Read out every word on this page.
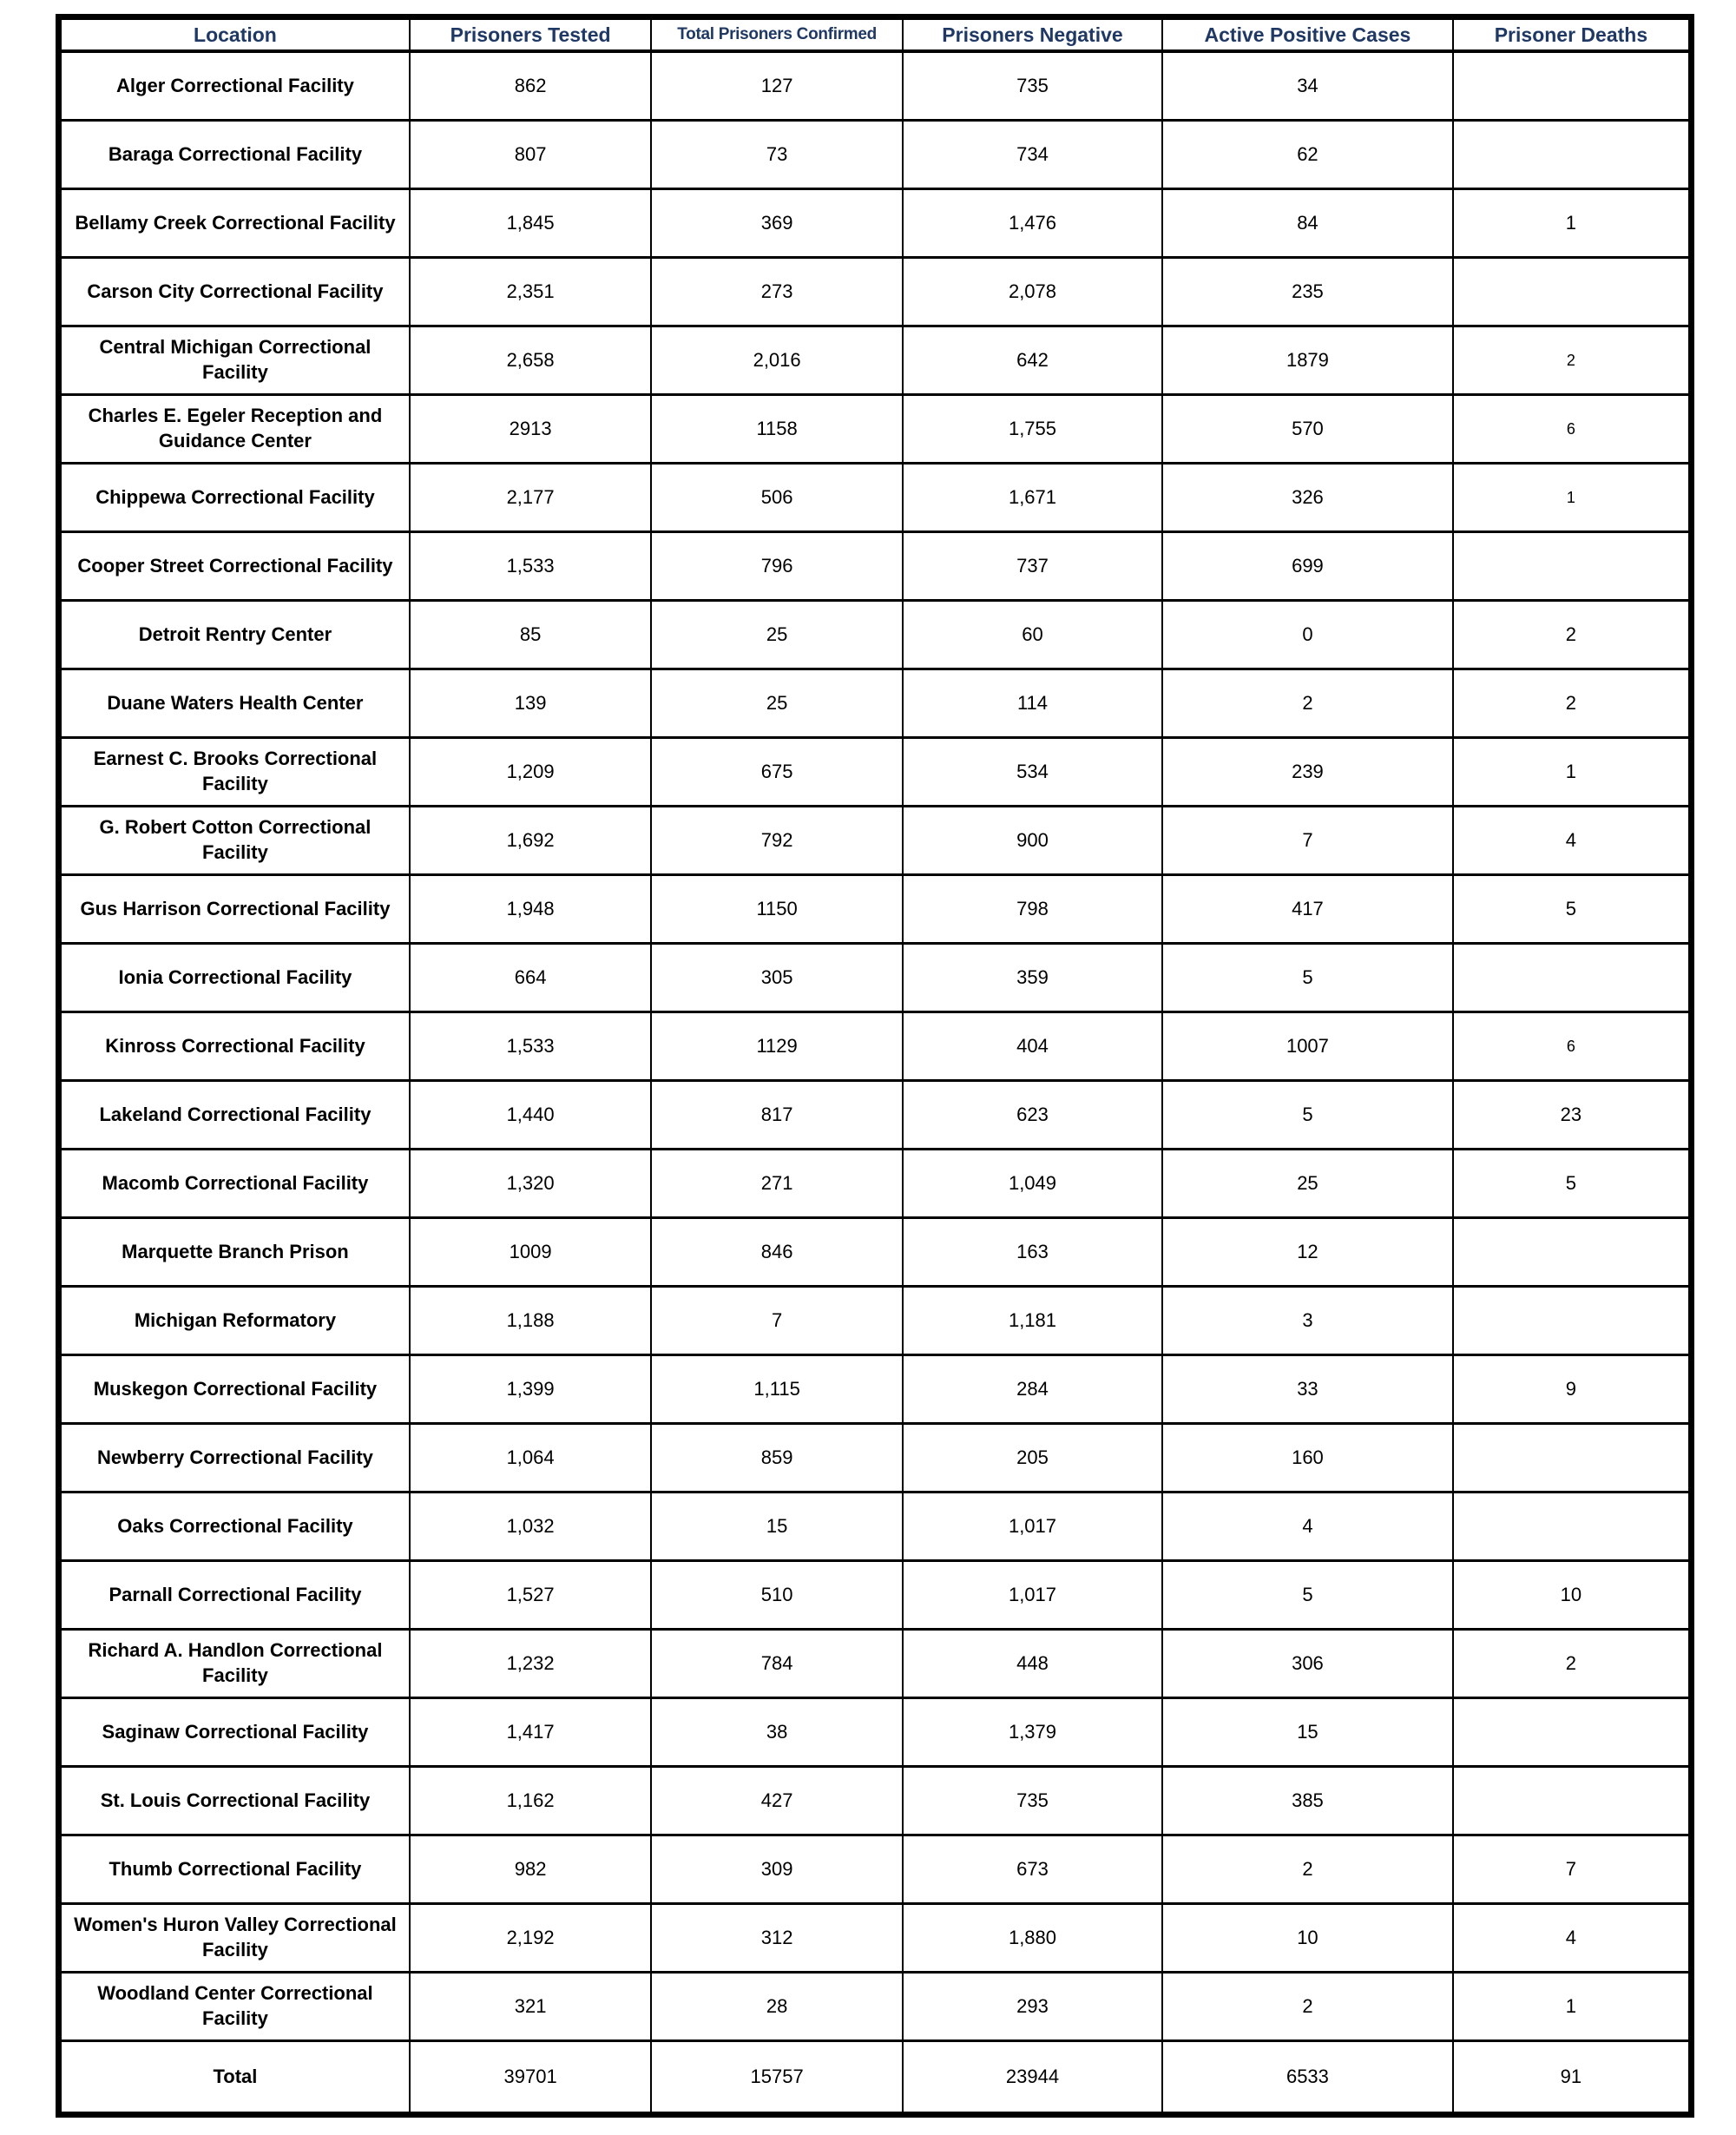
Location	Prisoners Tested	Total Prisoners Confirmed	Prisoners Negative	Active Positive Cases	Prisoner Deaths
Alger Correctional Facility	862	127	735	34	
Baraga Correctional Facility	807	73	734	62	
Bellamy Creek Correctional Facility	1,845	369	1,476	84	1
Carson City Correctional Facility	2,351	273	2,078	235	
Central Michigan Correctional Facility	2,658	2,016	642	1879	2
Charles E. Egeler Reception and Guidance Center	2913	1158	1,755	570	6
Chippewa Correctional Facility	2,177	506	1,671	326	1
Cooper Street Correctional Facility	1,533	796	737	699	
Detroit Rentry Center	85	25	60	0	2
Duane Waters Health Center	139	25	114	2	2
Earnest C. Brooks Correctional Facility	1,209	675	534	239	1
G. Robert Cotton Correctional Facility	1,692	792	900	7	4
Gus Harrison Correctional Facility	1,948	1150	798	417	5
Ionia Correctional Facility	664	305	359	5	
Kinross Correctional Facility	1,533	1129	404	1007	6
Lakeland Correctional Facility	1,440	817	623	5	23
Macomb Correctional Facility	1,320	271	1,049	25	5
Marquette Branch Prison	1009	846	163	12	
Michigan Reformatory	1,188	7	1,181	3	
Muskegon Correctional Facility	1,399	1,115	284	33	9
Newberry Correctional Facility	1,064	859	205	160	
Oaks Correctional Facility	1,032	15	1,017	4	
Parnall Correctional Facility	1,527	510	1,017	5	10
Richard A. Handlon Correctional Facility	1,232	784	448	306	2
Saginaw Correctional Facility	1,417	38	1,379	15	
St. Louis Correctional Facility	1,162	427	735	385	
Thumb Correctional Facility	982	309	673	2	7
Women's Huron Valley Correctional Facility	2,192	312	1,880	10	4
Woodland Center Correctional Facility	321	28	293	2	1
Total	39701	15757	23944	6533	91
